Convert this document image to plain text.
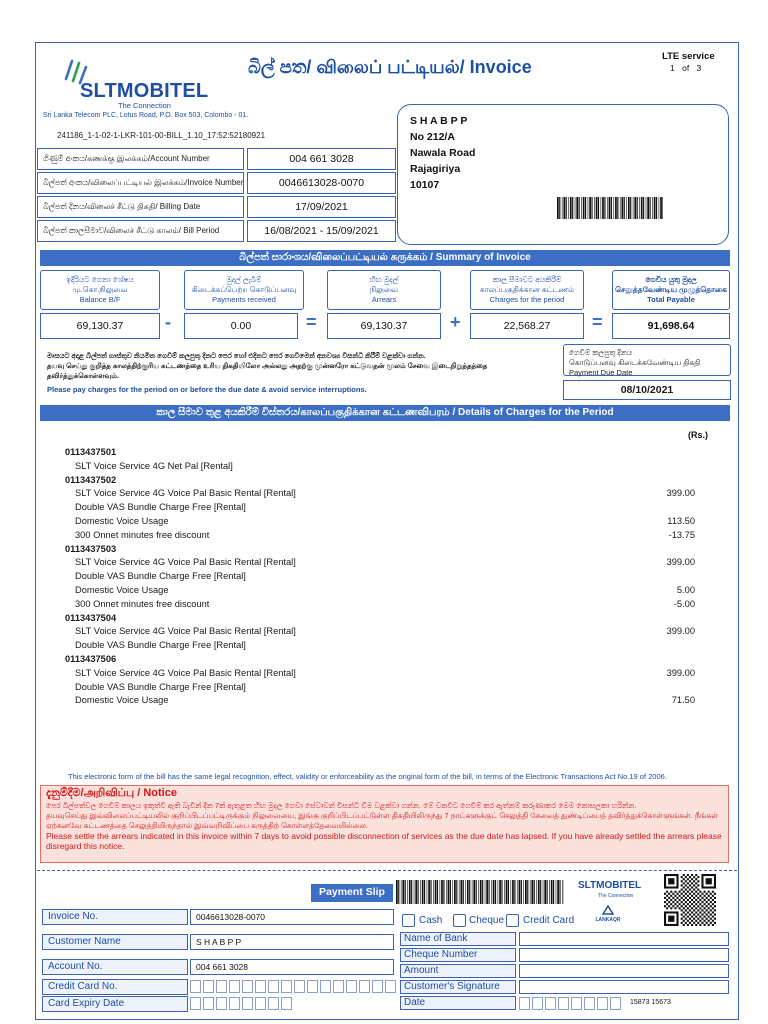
SLTMOBITEL
The Connection
Sri Lanka Telecom PLC, Lotus Road, P.O. Box 503, Colombo - 01.
241186_1-1-02-1-LKR-101-00-BILL_1.10_17:52:52180921
බිල් පත/ விலைப் பட்டியல்/ Invoice
LTE service
1 of 3
S H A B P P
No 212/A
Nawala Road
Rajagiriya
10107
ගිණුම් අංකය/கணக்கு இலக்கம்/Account Number	004 661 3028
බිල්පත් අංකය/விலைப்பட்டியல் இலக்கம்/Invoice Number	0046613028-0070
බිල්පත් දිනය/விலைச் சீட்டு திகதி/ Billing Date	17/09/2021
බිල්පත් කාලසීමාව/விலைச் சீட்டு காலம்/ Bill Period	16/08/2021 - 15/09/2021
බිල්පත් සාරාංශය/விலைப்பட்டியல் சுருக்கம் / Summary of Invoice
ඉදිරියට ගෙනා ශේෂය
மு.கொ.நிலுவை
Balance B/F
මුදල් ලැබීම්
கிடைக்கப்பெற்ற கொடுப்பனவு
Payments received
හිඟ මුදල්
நிலுவை
Arrears
කාල සීමාවට අයකිරීම්
காலப்பகுதிக்கான கட்டணம்
Charges for the period
ගෙවිය යුතු මුදල
செலுத்தவேண்டிய முழுத்தொகை
Total Payable
69,130.37	-	0.00	=	69,130.37	+	22,568.27	=	91,698.64
මාසයට අදාළ බිල්පත් ගාස්තුව නියමිත ගෙවීම් කලපුතු දිනට පෙර හෝ එදිනට පෙර ගෙවීමෙන් අනවශ්‍ය විසන්ධි කිරීම් වළක්වා ගන්න.
தயவு செய்து குறித்த காலத்திற்குரிய கட்டணத்தை உரிய திகதியிலோ அல்லது அதற்கு முன்னரோ கட்டுவதன் மூலம் சேவை இடைநிறுத்தத்தை தவிர்த்துக்கொள்ளவும்.
Please pay charges for the period on or before the due date & avoid service interruptions.
ගෙවීම් කලපුතු දිනය
கொடுப்பனவு கிடைக்கவேண்டிய திகதி
Payment Due Date
08/10/2021
කාල සීමාව තුළ අයකිරීම් විස්තරය/காலப்பகுதிக்கான கட்டணவிபரம் / Details of Charges for the Period
(Rs.)
0113437501
SLT Voice Service 4G Net Pal [Rental]
0113437502
SLT Voice Service 4G Voice Pal Basic Rental [Rental]	399.00
Double VAS Bundle Charge Free [Rental]
Domestic Voice Usage	113.50
300 Onnet minutes free discount	-13.75
0113437503
SLT Voice Service 4G Voice Pal Basic Rental [Rental]	399.00
Double VAS Bundle Charge Free [Rental]
Domestic Voice Usage	5.00
300 Onnet minutes free discount	-5.00
0113437504
SLT Voice Service 4G Voice Pal Basic Rental [Rental]	399.00
Double VAS Bundle Charge Free [Rental]
0113437506
SLT Voice Service 4G Voice Pal Basic Rental [Rental]	399.00
Double VAS Bundle Charge Free [Rental]
Domestic Voice Usage	71.50
This electronic form of the bill has the same legal recognition, effect, validity or enforceability as the original form of the bill, in terms of the Electronic Transactions Act No.19 of 2006.
දැනුම්දීම/அறிவிப்பு / Notice
පෙර බිල්පත්වල ගෙවීම් කාලය ඉකුත්වී ඇති බැවින් දින 7ක් ඇතුළත හිඟ මුදල ගෙවා සේවාවන් විසන්ධි වීම වළක්වා ගන්න. මේ වනවිට ගෙවීම් කර ඇත්නම් කරුණාකර මෙම නොසලකා හරින්න.
தயவுசெய்து இவ்விலைப்பட்டியலில் குறிப்பிடப்பட்டிருக்கும் நிலுவையை, இங்கு குறிப்பிடப்பட்டுள்ள திகதியிலிருந்து 7 நாட்களுக்குட் செலுத்தி சேவைத் துண்டிப்பைத் தவிர்த்துக்கொள்ளுங்கள். நீங்கள் ஏற்கனவே கட்டணத்தை செலுத்தியிருந்தால் இவ்வறிவிப்பை கருத்திற் கொள்ளத்தேவையில்லை.
Please settle the arrears indicated in this invoice within 7 days to avoid possible disconnection of services as the due date has lapsed. If you have already settled the arrears please disregard this notice.
Payment Slip
SLTMOBITEL
The Connection
LANKAQR
Invoice No.	0046613028-0070
Customer Name	S H A B P P
Account No.	004 661 3028
Credit Card No.
Card Expiry Date
Cash	Cheque Credit Card
Name of Bank
Cheque Number
Amount
Customer's Signature
Date	15873 15673
